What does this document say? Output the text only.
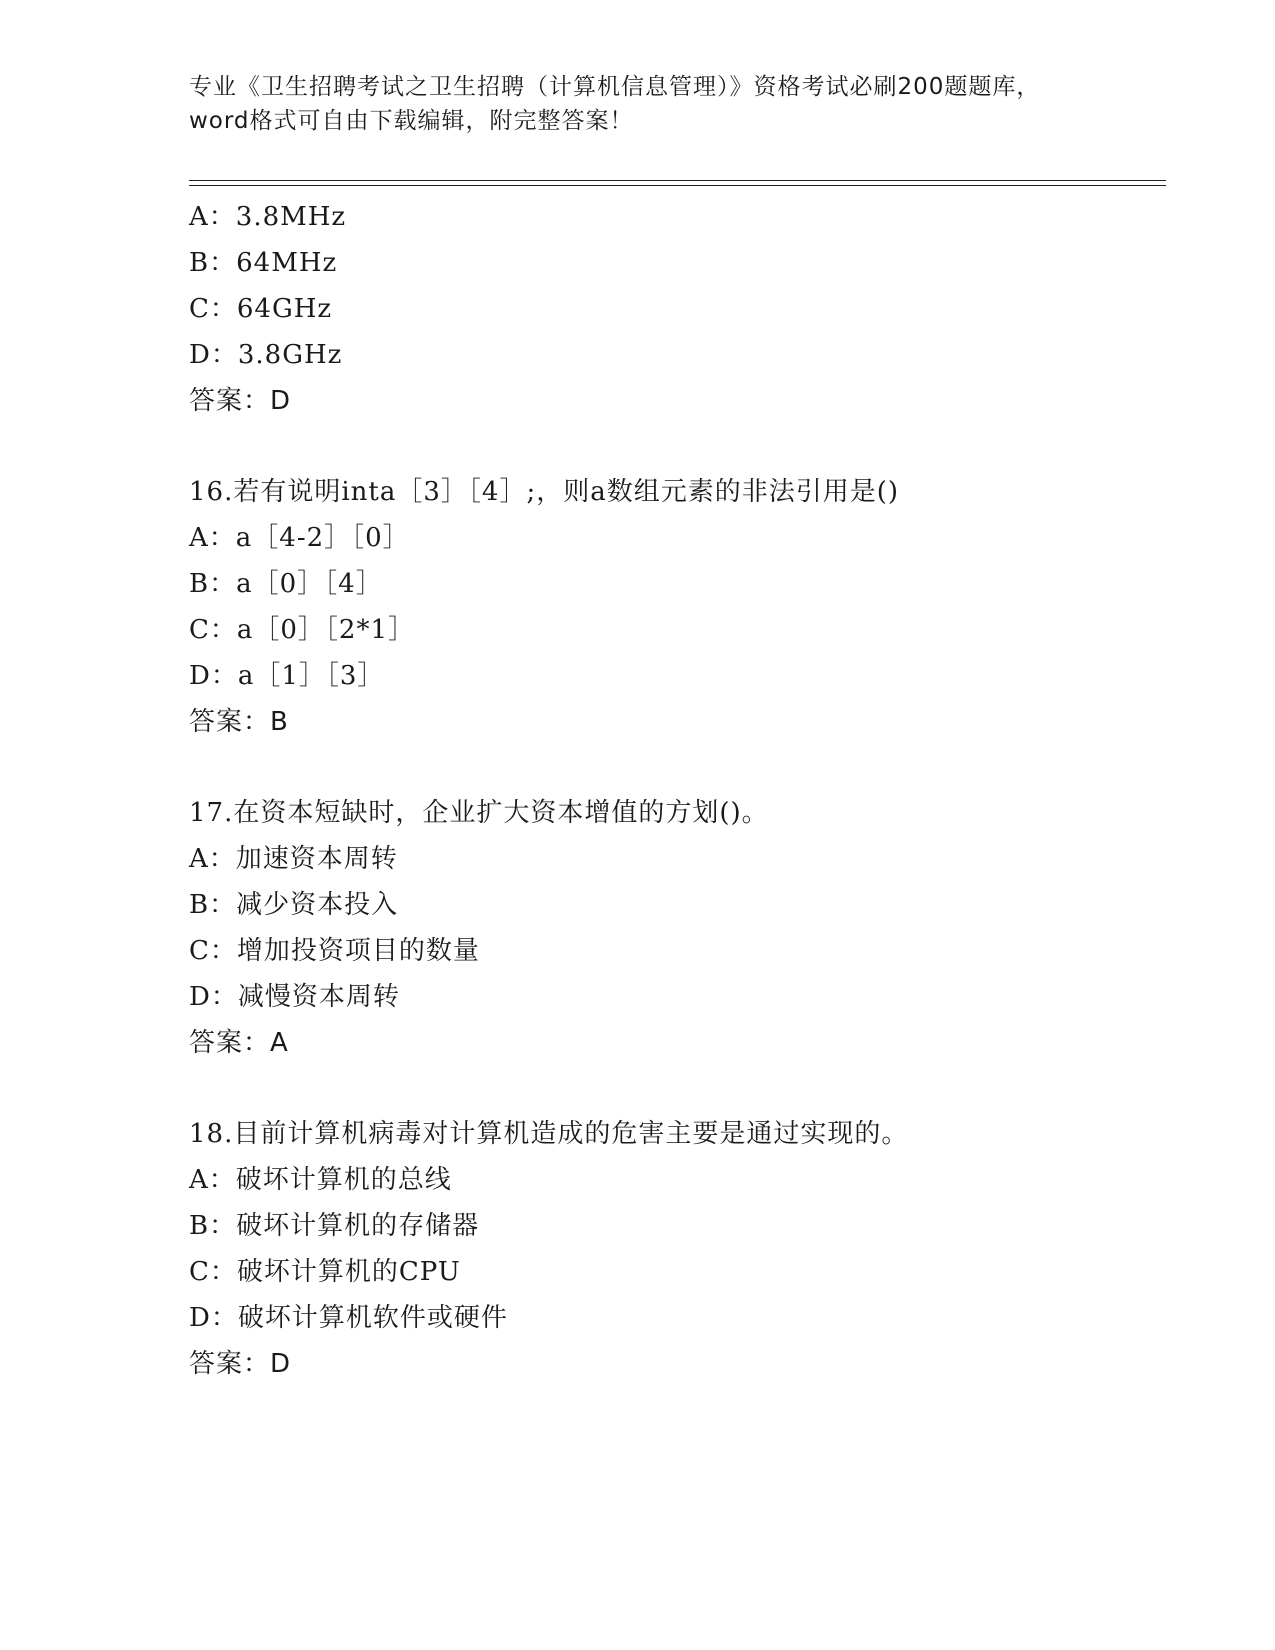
专业《卫生招聘考试之卫生招聘（计算机信息管理）》资格考试必刷200题题库，
word格式可自由下载编辑，附完整答案！
A：3.8MHz
B：64MHz
C：64GHz
D：3.8GHz
答案：D
16.若有说明inta［3］［4］;，则a数组元素的非法引用是()
A：a［4-2］［0］
B：a［0］［4］
C：a［0］［2*1］
D：a［1］［3］
答案：B
17.在资本短缺时，企业扩大资本增值的方划()。
A：加速资本周转
B：减少资本投入
C：增加投资项目的数量
D：减慢资本周转
答案：A
18.目前计算机病毒对计算机造成的危害主要是通过实现的。
A：破坏计算机的总线
B：破坏计算机的存储器
C：破坏计算机的CPU
D：破坏计算机软件或硬件
答案：D
